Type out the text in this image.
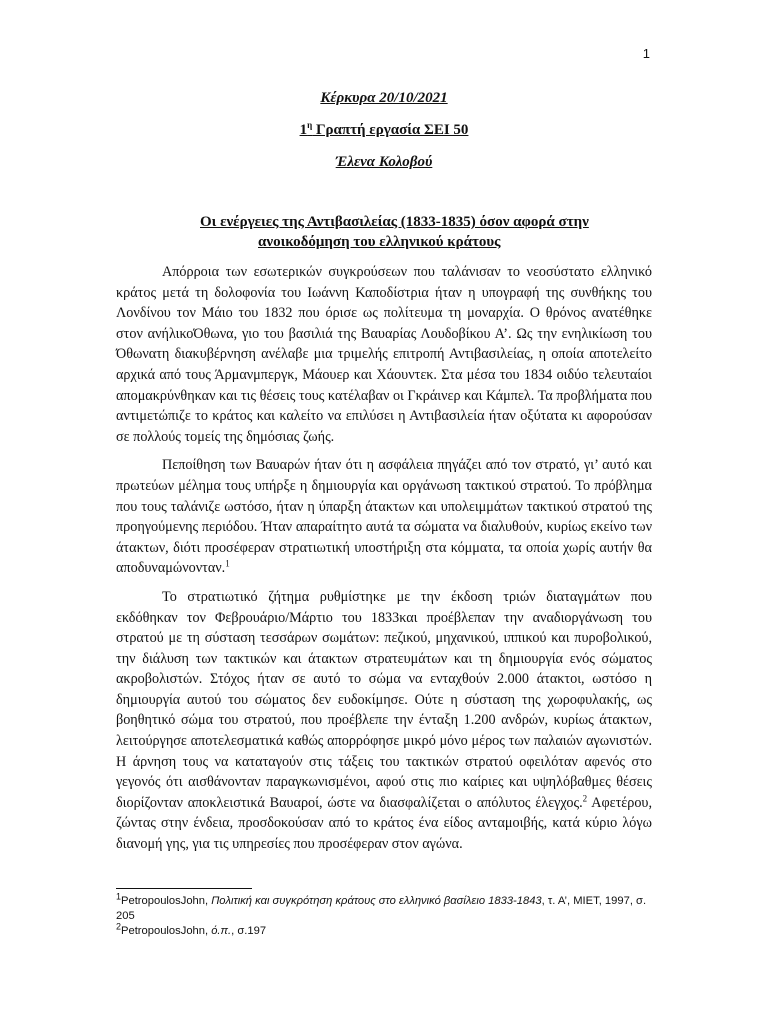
1
Κέρκυρα 20/10/2021
$1^\eta$ Γραπτή εργασία ΣΕΙ 50
Έλενα Κολοβού
Οι ενέργειες της Αντιβασιλείας (1833-1835) όσον αφορά στην
ανοικοδόμηση του ελληνικού κράτους

Απόρροια των εσωτερικών συγκρούσεων που ταλάνισαν το νεοσύστατο ελληνικό κράτος μετά τη δολοφονία του Ιωάννη Καποδίστρια ήταν η υπογραφή της συνθήκης του Λονδίνου τον Μάιο του 1832 που όρισε ως πολίτευμα τη μοναρχία. Ο θρόνος ανατέθηκε στον ανήλικοΌθωνα, γιο του βασιλιά της Βαυαρίας Λουδοβίκου Α’. Ως την ενηλικίωση του Όθωνατη διακυβέρνηση ανέλαβε μια τριμελής επιτροπή Αντιβασιλείας, η οποία αποτελείτο αρχικά από τους Άρμανμπεργκ, Μάουερ και Χάουντεκ. Στα μέσα του 1834 οιδύο τελευταίοι απομακρύνθηκαν και τις θέσεις τους κατέλαβαν οι Γκράινερ και Κάμπελ. Τα προβλήματα που αντιμετώπιζε το κράτος και καλείτο να επιλύσει η Αντιβασιλεία ήταν οξύτατα κι αφορούσαν σε πολλούς τομείς της δημόσιας ζωής.

Πεποίθηση των Βαυαρών ήταν ότι η ασφάλεια πηγάζει από τον στρατό, γι’ αυτό και πρωτεύων μέλημα τους υπήρξε η δημιουργία και οργάνωση τακτικού στρατού. Το πρόβλημα που τους ταλάνιζε ωστόσο, ήταν η ύπαρξη άτακτων και υπολειμμάτων τακτικού στρατού της προηγούμενης περιόδου. Ήταν απαραίτητο αυτά τα σώματα να διαλυθούν, κυρίως εκείνο των άτακτων, διότι προσέφεραν στρατιωτική υποστήριξη στα κόμματα, τα οποία χωρίς αυτήν θα αποδυναμώνονταν.$^1$

Το στρατιωτικό ζήτημα ρυθμίστηκε με την έκδοση τριών διαταγμάτων που εκδόθηκαν τον Φεβρουάριο/Μάρτιο του 1833και προέβλεπαν την αναδιοργάνωση του στρατού με τη σύσταση τεσσάρων σωμάτων: πεζικού, μηχανικού, ιππικού και πυροβολικού, την διάλυση των τακτικών και άτακτων στρατευμάτων και τη δημιουργία ενός σώματος ακροβολιστών. Στόχος ήταν σε αυτό το σώμα να ενταχθούν 2.000 άτακτοι, ωστόσο η δημιουργία αυτού του σώματος δεν ευδοκίμησε. Ούτε η σύσταση της χωροφυλακής, ως βοηθητικό σώμα του στρατού, που προέβλεπε την ένταξη 1.200 ανδρών, κυρίως άτακτων, λειτούργησε αποτελεσματικά καθώς απορρόφησε μικρό μόνο μέρος των παλαιών αγωνιστών. Η άρνηση τους να καταταγούν στις τάξεις του τακτικών στρατού οφειλόταν αφενός στο γεγονός ότι αισθάνονταν παραγκωνισμένοι, αφού στις πιο καίριες και υψηλόβαθμες θέσεις διορίζονταν αποκλειστικά Βαυαροί, ώστε να διασφαλίζεται ο απόλυτος έλεγχος.$^2$ Αφετέρου, ζώντας στην ένδεια, προσδοκούσαν από το κράτος ένα είδος ανταμοιβής, κατά κύριο λόγω διανομή γης, για τις υπηρεσίες που προσέφεραν στον αγώνα.

$^1$PetropoulosJohn, Πολιτική και συγκρότηση κράτους στο ελληνικό βασίλειο 1833-1843, τ. Α’, ΜΙΕΤ, 1997, σ. 205
$^2$PetropoulosJohn, ό.π., σ.197
